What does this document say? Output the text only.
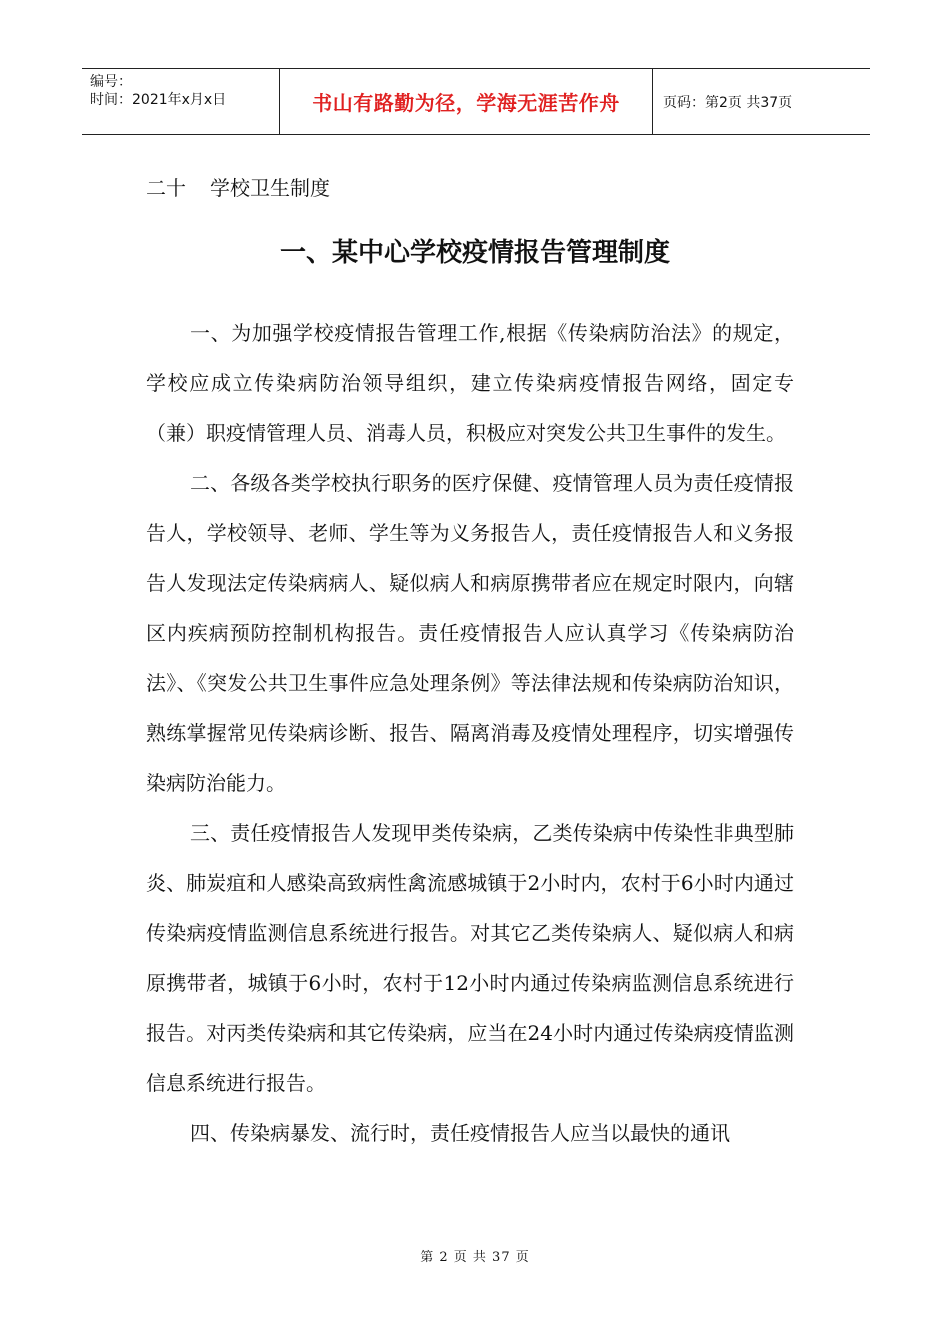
编号：
时间：2021年x月x日	书山有路勤为径，学海无涯苦作舟	页码：第2页 共37页
二十 学校卫生制度
一、某中心学校疫情报告管理制度

一、为加强学校疫情报告管理工作,根据《传染病防治法》的规定，学校应成立传染病防治领导组织，建立传染病疫情报告网络，固定专（兼）职疫情管理人员、消毒人员，积极应对突发公共卫生事件的发生。

二、各级各类学校执行职务的医疗保健、疫情管理人员为责任疫情报告人，学校领导、老师、学生等为义务报告人，责任疫情报告人和义务报告人发现法定传染病病人、疑似病人和病原携带者应在规定时限内，向辖区内疾病预防控制机构报告。责任疫情报告人应认真学习《传染病防治法》、《突发公共卫生事件应急处理条例》等法律法规和传染病防治知识，熟练掌握常见传染病诊断、报告、隔离消毒及疫情处理程序，切实增强传染病防治能力。

三、责任疫情报告人发现甲类传染病，乙类传染病中传染性非典型肺炎、肺炭疽和人感染高致病性禽流感城镇于2小时内，农村于6小时内通过传染病疫情监测信息系统进行报告。对其它乙类传染病人、疑似病人和病原携带者，城镇于6小时，农村于12小时内通过传染病监测信息系统进行报告。对丙类传染病和其它传染病，应当在24小时内通过传染病疫情监测信息系统进行报告。

四、传染病暴发、流行时，责任疫情报告人应当以最快的通讯

第 2 页 共 37 页
